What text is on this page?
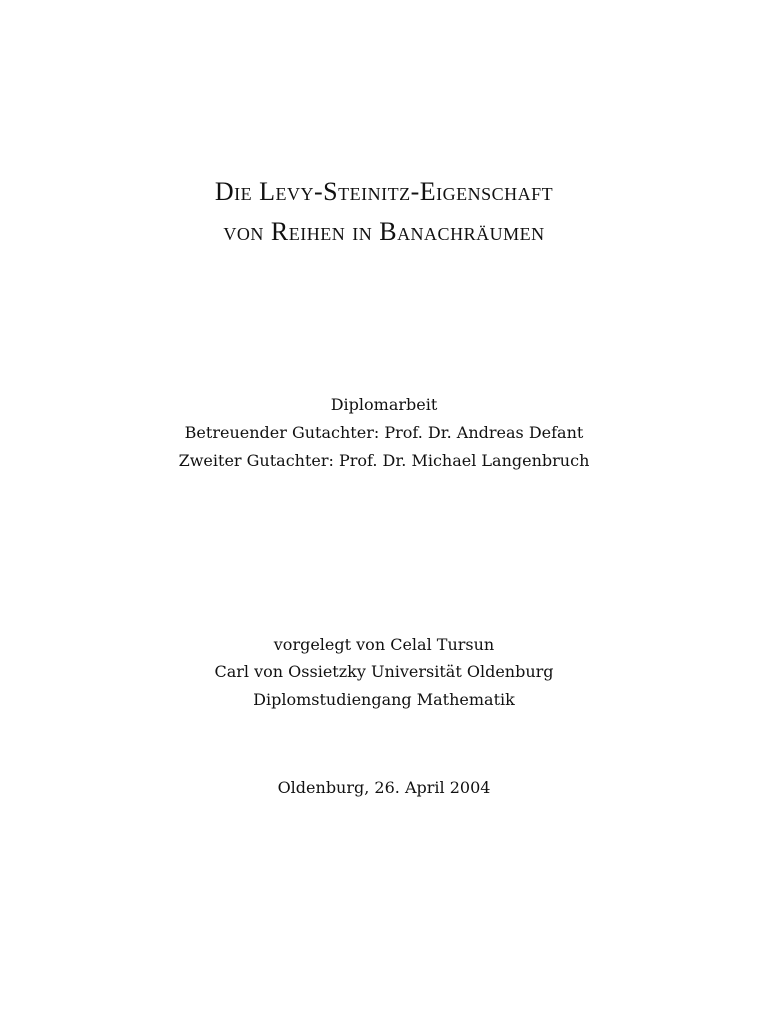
Die Levy-Steinitz-Eigenschaft
von Reihen in Banachräumen
Diplomarbeit
Betreuender Gutachter: Prof. Dr. Andreas Defant
Zweiter Gutachter: Prof. Dr. Michael Langenbruch
vorgelegt von Celal Tursun
Carl von Ossietzky Universität Oldenburg
Diplomstudiengang Mathematik
Oldenburg, 26. April 2004
